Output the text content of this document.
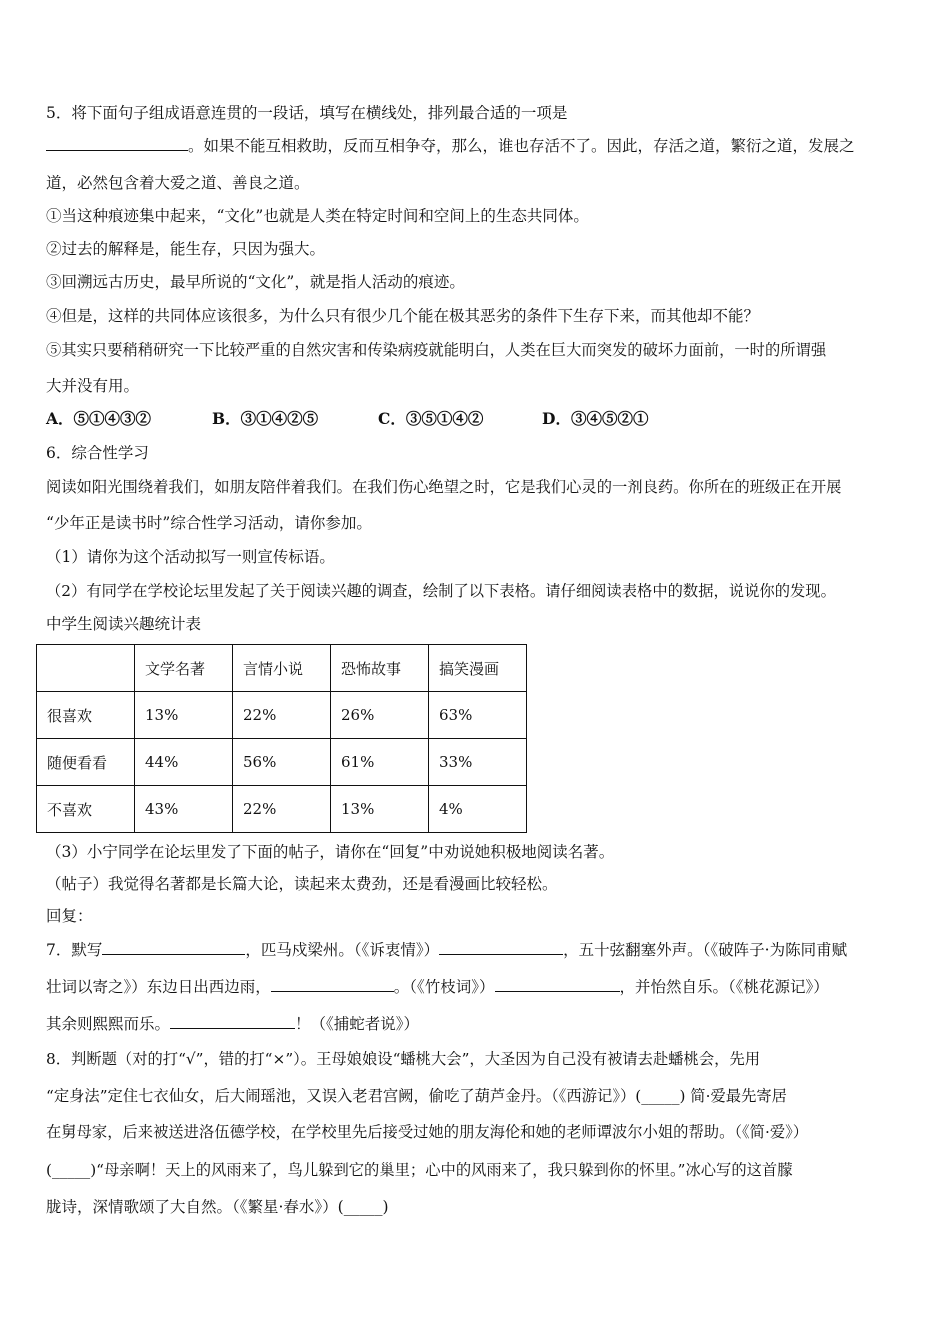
5．将下面句子组成语意连贯的一段话，填写在横线处，排列最合适的一项是
。如果不能互相救助，反而互相争夺，那么，谁也存活不了。因此，存活之道，繁衍之道，发展之
道，必然包含着大爱之道、善良之道。
①当这种痕迹集中起来，“文化”也就是人类在特定时间和空间上的生态共同体。
②过去的解释是，能生存，只因为强大。
③回溯远古历史，最早所说的“文化”，就是指人活动的痕迹。
④但是，这样的共同体应该很多，为什么只有很少几个能在极其恶劣的条件下生存下来，而其他却不能？
⑤其实只要稍稍研究一下比较严重的自然灾害和传染病疫就能明白，人类在巨大而突发的破坏力面前，一时的所谓强
大并没有用。
A．⑤①④③②	B．③①④②⑤	C．③⑤①④②	D．③④⑤②①
6．综合性学习
阅读如阳光围绕着我们，如朋友陪伴着我们。在我们伤心绝望之时，它是我们心灵的一剂良药。你所在的班级正在开展
“少年正是读书时”综合性学习活动，请你参加。
（1）请你为这个活动拟写一则宣传标语。
（2）有同学在学校论坛里发起了关于阅读兴趣的调查，绘制了以下表格。请仔细阅读表格中的数据，说说你的发现。
中学生阅读兴趣统计表
	文学名著	言情小说	恐怖故事	搞笑漫画
很喜欢	13%	22%	26%	63%
随便看看	44%	56%	61%	33%
不喜欢	43%	22%	13%	4%
（3）小宁同学在论坛里发了下面的帖子，请你在“回复”中劝说她积极地阅读名著。
（帖子）我觉得名著都是长篇大论，读起来太费劲，还是看漫画比较轻松。
回复：
7．默写	，匹马戍梁州。（《诉衷情》）	，五十弦翻塞外声。（《破阵子·为陈同甫赋
壮词以寄之》）东边日出西边雨，	。（《竹枝词》）	，并怡然自乐。（《桃花源记》）
其余则熙熙而乐。	！（《捕蛇者说》）
8．判断题（对的打“√”，错的打“×”）。王母娘娘设“蟠桃大会”，大圣因为自己没有被请去赴蟠桃会，先用
“定身法”定住七衣仙女，后大闹瑶池，又误入老君宫阙，偷吃了葫芦金丹。（《西游记》）(_____) 简·爱最先寄居
在舅母家，后来被送进洛伍德学校，在学校里先后接受过她的朋友海伦和她的老师谭波尔小姐的帮助。（《简·爱》）
(_____)“母亲啊！天上的风雨来了，鸟儿躲到它的巢里；心中的风雨来了，我只躲到你的怀里。”冰心写的这首朦
胧诗，深情歌颂了大自然。（《繁星·春水》）(_____)
